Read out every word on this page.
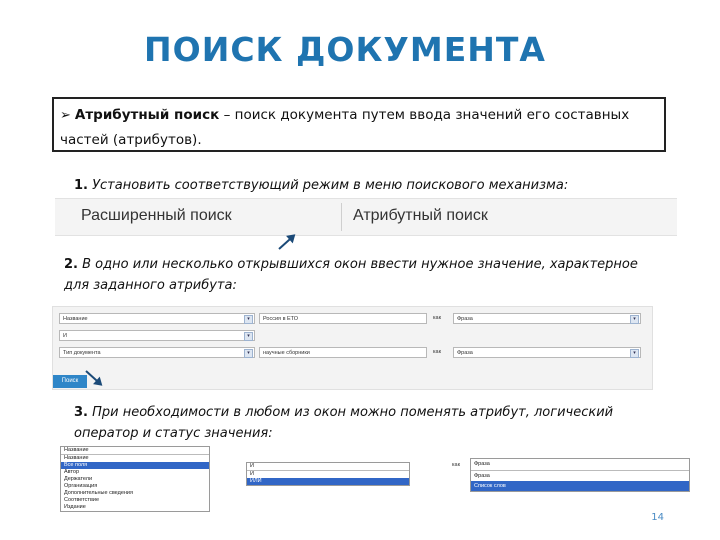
ПОИСК ДОКУМЕНТА
➢ Атрибутный поиск – поиск документа путем ввода значений его составных частей (атрибутов).
1. Установить соответствующий режим в меню поискового механизма:
Расширенный поиск	Атрибутный поиск
2. В одно или несколько открывшихся окон ввести нужное значение, характерное для заданного атрибута:
Название	▾	Россия в ЕТО	как	Фраза	▾
И	▾
Тип документа	▾	научные сборники	как	Фраза	▾
Поиск
3. При необходимости в любом из окон можно поменять атрибут, логический оператор и статус значения:
Название
Название
Все поля
Автор
Держатели
Организация
Дополнительные сведения
Соответствие
Издание
И
И
ИЛИ
как	Фраза
Фраза
Список слов
14
